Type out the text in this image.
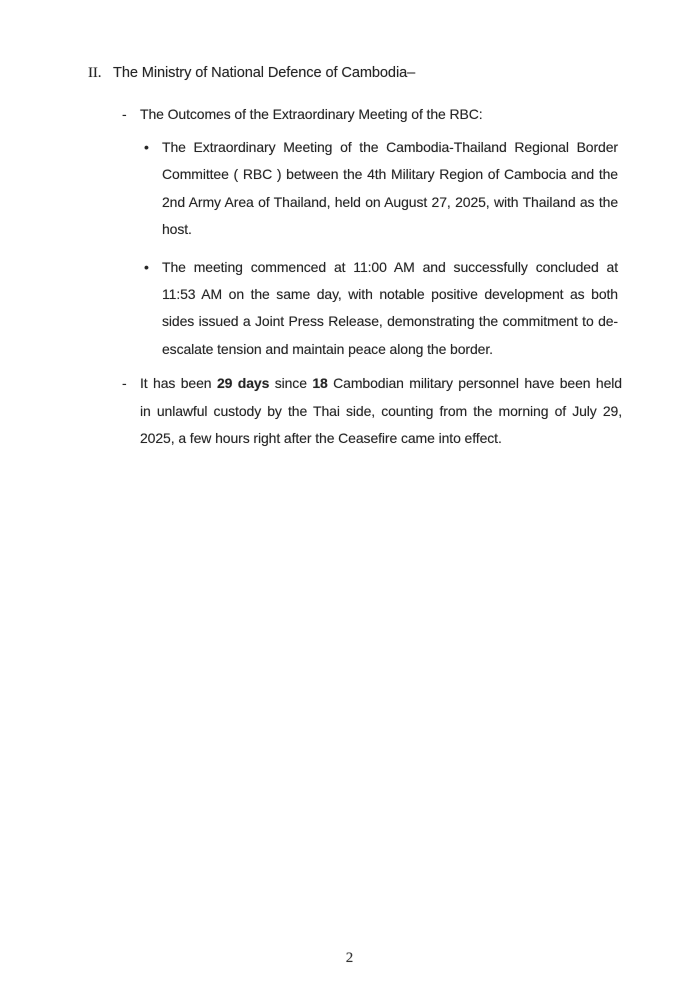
II. The Ministry of National Defence of Cambodia–
- The Outcomes of the Extraordinary Meeting of the RBC:
• The Extraordinary Meeting of the Cambodia-Thailand Regional Border
Committee ( RBC ) between the 4th Military Region of Cambocia and the
2nd Army Area of Thailand, held on August 27, 2025, with Thailand as the
host.
• The meeting commenced at 11:00 AM and successfully concluded at
11:53 AM on the same day, with notable positive development as both
sides issued a Joint Press Release, demonstrating the commitment to de-
escalate tension and maintain peace along the border.
- It has been 29 days since 18 Cambodian military personnel have been held
in unlawful custody by the Thai side, counting from the morning of July 29,
2025, a few hours right after the Ceasefire came into effect.
2
